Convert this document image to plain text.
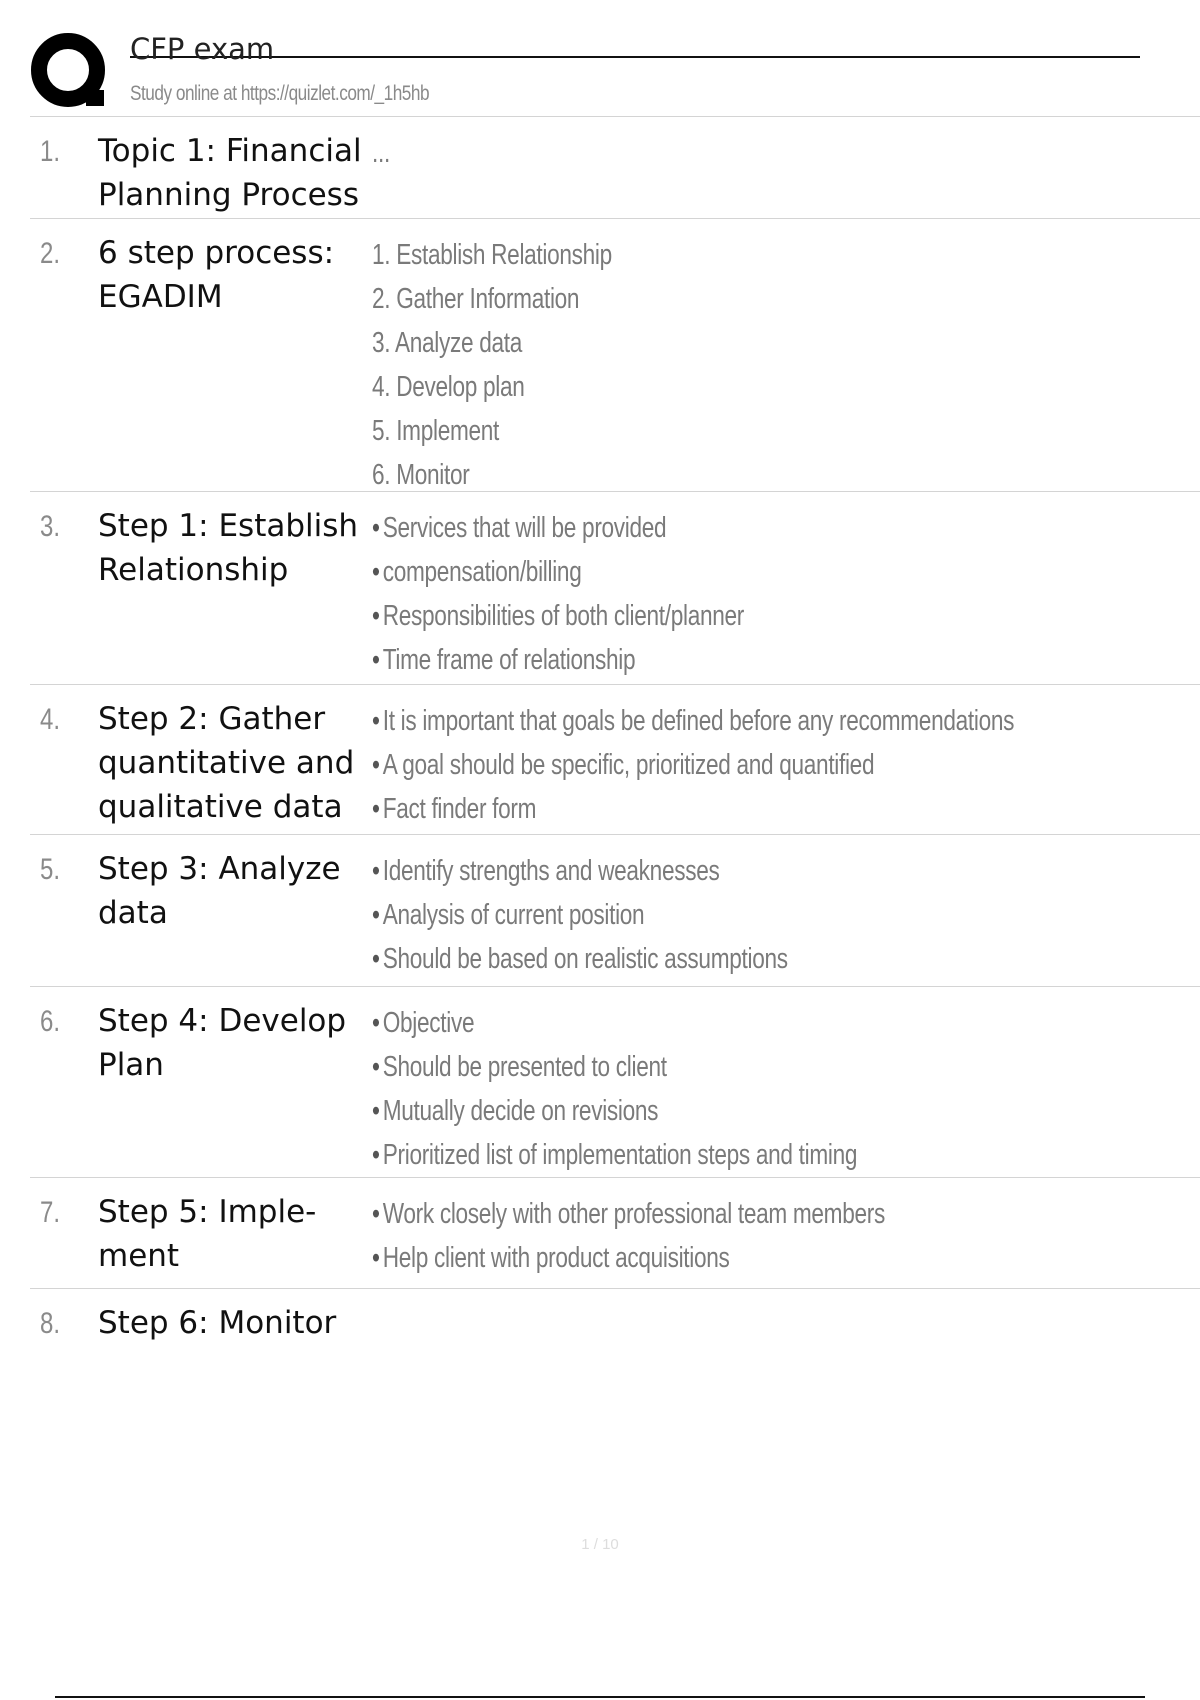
CFP exam
Study online at https://quizlet.com/_1h5hb
1. Topic 1: Financial Planning Process
...
2. 6 step process: EGADIM
1. Establish Relationship
2. Gather Information
3. Analyze data
4. Develop plan
5. Implement
6. Monitor
3. Step 1: Establish Relationship
• Services that will be provided
• compensation/billing
• Responsibilities of both client/planner
• Time frame of relationship
4. Step 2: Gather quantitative and qualitative data
• It is important that goals be defined before any recommendations
• A goal should be specific, prioritized and quantified
• Fact finder form
5. Step 3: Analyze data
• Identify strengths and weaknesses
• Analysis of current position
• Should be based on realistic assumptions
6. Step 4: Develop Plan
• Objective
• Should be presented to client
• Mutually decide on revisions
• Prioritized list of implementation steps and timing
7. Step 5: Imple- ment
• Work closely with other professional team members
• Help client with product acquisitions
8. Step 6: Monitor
1 / 10
